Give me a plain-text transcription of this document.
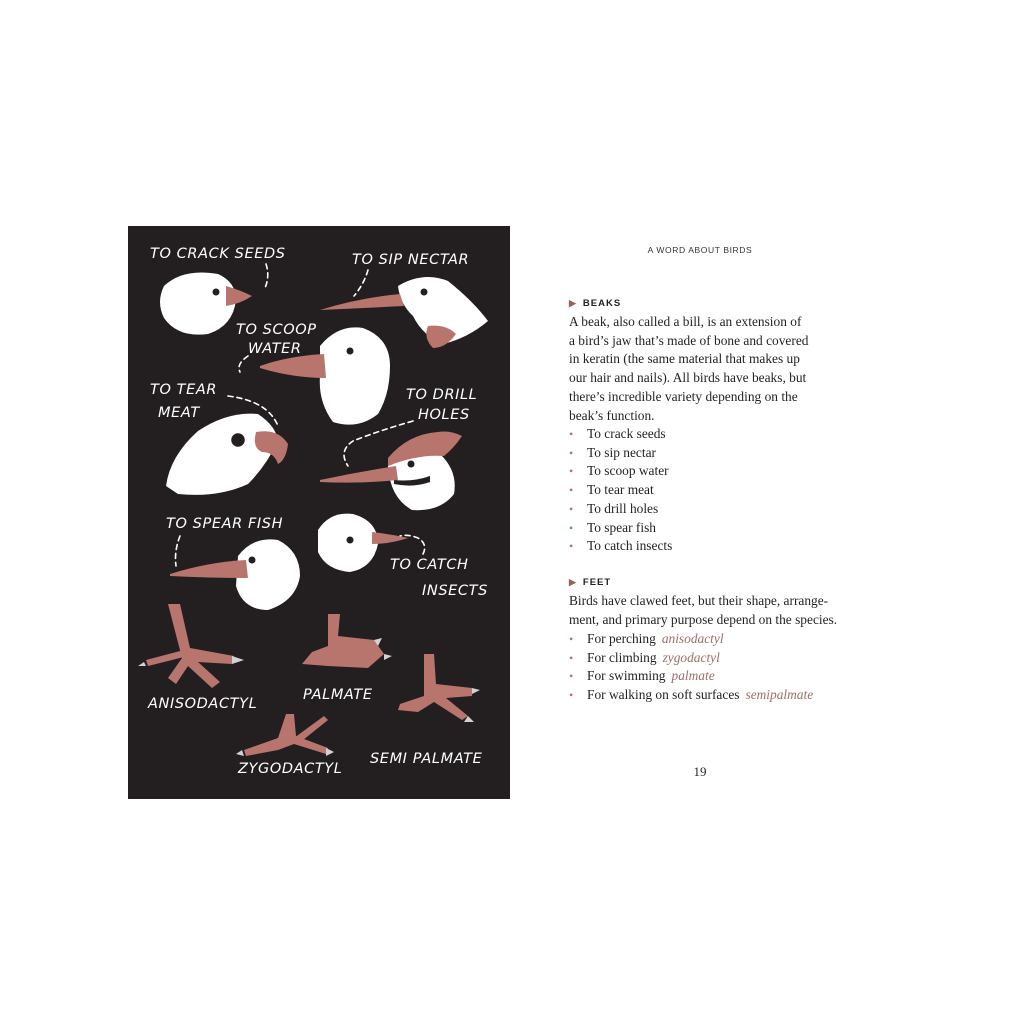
TO CRACK SEEDS	TO SIP NECTAR
TO SCOOP
WATER
TO TEAR
MEAT
TO DRILL
HOLES
TO SPEAR FISH
TO CATCH
INSECTS
ANISODACTYL
PALMATE
ZYGODACTYL
SEMI PALMATE
A WORD ABOUT BIRDS
▶ BEAKS
A beak, also called a bill, is an extension of
a bird’s jaw that’s made of bone and covered
in keratin (the same material that makes up
our hair and nails). All birds have beaks, but
there’s incredible variety depending on the
beak’s function.
• To crack seeds
• To sip nectar
• To scoop water
• To tear meat
• To drill holes
• To spear fish
• To catch insects
▶ FEET
Birds have clawed feet, but their shape, arrange-
ment, and primary purpose depend on the species.
• For perching anisodactyl
• For climbing zygodactyl
• For swimming palmate
• For walking on soft surfaces semipalmate
19
